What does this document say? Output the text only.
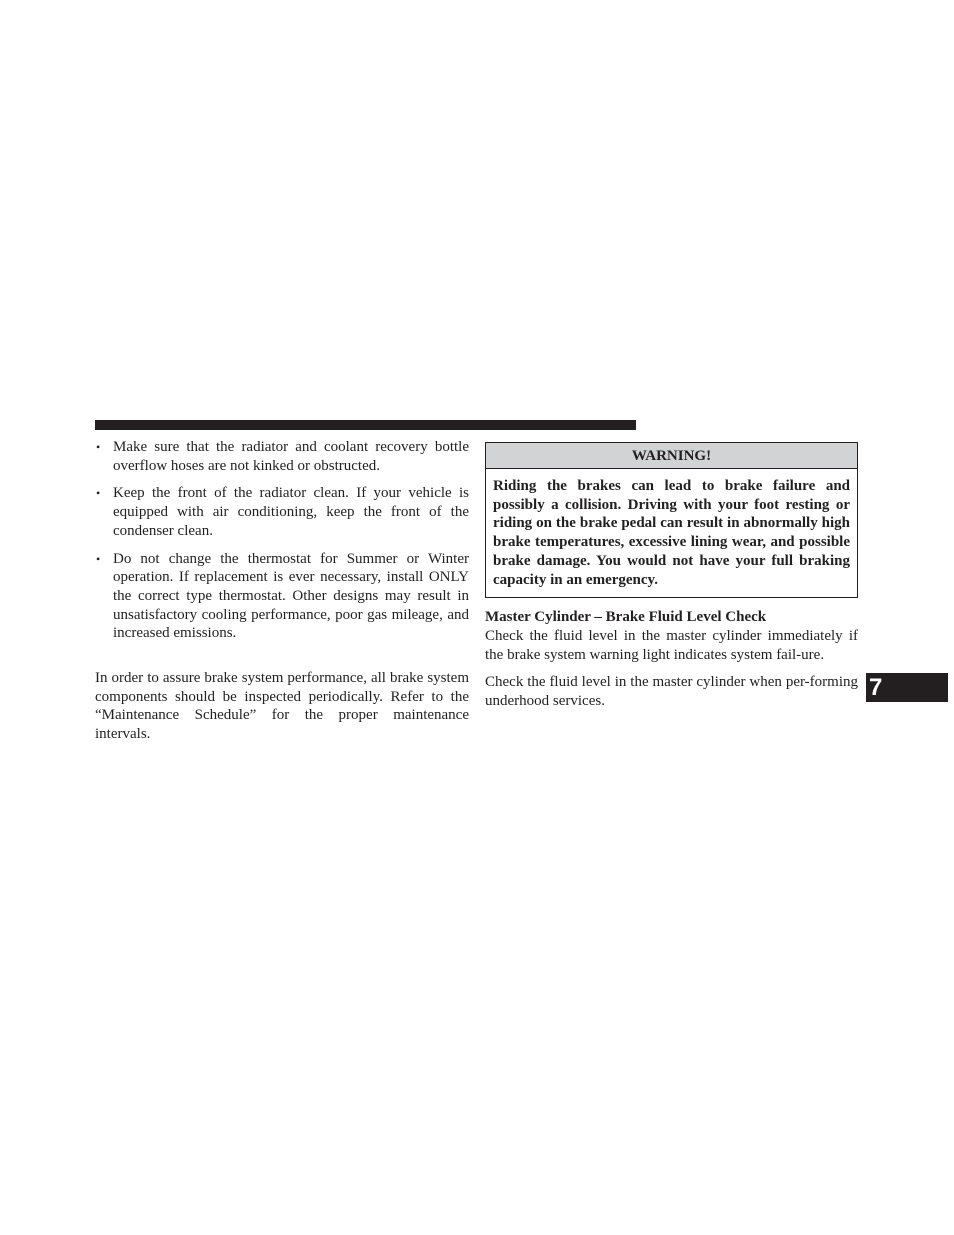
• Make sure that the radiator and coolant recovery bottle overflow hoses are not kinked or obstructed.
• Keep the front of the radiator clean. If your vehicle is equipped with air conditioning, keep the front of the condenser clean.
• Do not change the thermostat for Summer or Winter operation. If replacement is ever necessary, install ONLY the correct type thermostat. Other designs may result in unsatisfactory cooling performance, poor gas mileage, and increased emissions.

In order to assure brake system performance, all brake system components should be inspected periodically. Refer to the “Maintenance Schedule” for the proper maintenance intervals.

WARNING!
Riding the brakes can lead to brake failure and possibly a collision. Driving with your foot resting or riding on the brake pedal can result in abnormally high brake temperatures, excessive lining wear, and possible brake damage. You would not have your full braking capacity in an emergency.

Master Cylinder – Brake Fluid Level Check

Check the fluid level in the master cylinder immediately if the brake system warning light indicates system fail-ure.

Check the fluid level in the master cylinder when per-forming underhood services.

7
